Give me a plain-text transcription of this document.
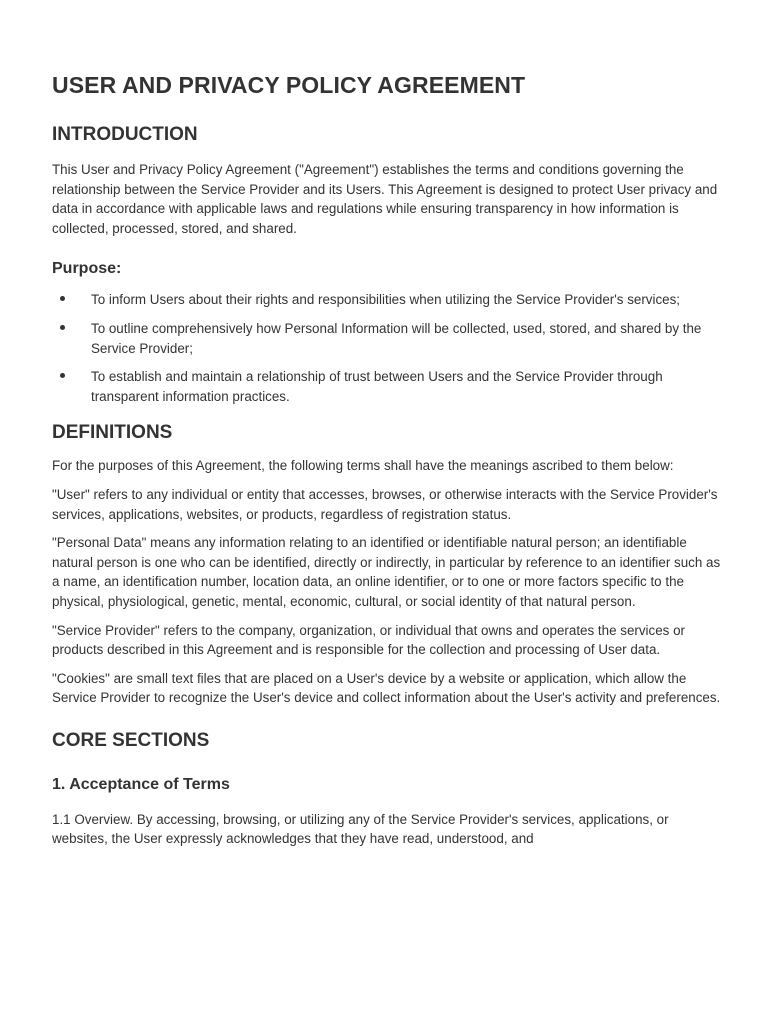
USER AND PRIVACY POLICY AGREEMENT
INTRODUCTION

This User and Privacy Policy Agreement ("Agreement") establishes the terms and conditions governing the relationship between the Service Provider and its Users. This Agreement is designed to protect User privacy and data in accordance with applicable laws and regulations while ensuring transparency in how information is collected, processed, stored, and shared.

Purpose:

To inform Users about their rights and responsibilities when utilizing the Service Provider's services;

To outline comprehensively how Personal Information will be collected, used, stored, and shared by the Service Provider;

To establish and maintain a relationship of trust between Users and the Service Provider through transparent information practices.

DEFINITIONS

For the purposes of this Agreement, the following terms shall have the meanings ascribed to them below:

"User" refers to any individual or entity that accesses, browses, or otherwise interacts with the Service Provider's services, applications, websites, or products, regardless of registration status.

"Personal Data" means any information relating to an identified or identifiable natural person; an identifiable natural person is one who can be identified, directly or indirectly, in particular by reference to an identifier such as a name, an identification number, location data, an online identifier, or to one or more factors specific to the physical, physiological, genetic, mental, economic, cultural, or social identity of that natural person.

"Service Provider" refers to the company, organization, or individual that owns and operates the services or products described in this Agreement and is responsible for the collection and processing of User data.

"Cookies" are small text files that are placed on a User's device by a website or application, which allow the Service Provider to recognize the User's device and collect information about the User's activity and preferences.

CORE SECTIONS
1. Acceptance of Terms

1.1 Overview. By accessing, browsing, or utilizing any of the Service Provider's services, applications, or websites, the User expressly acknowledges that they have read, understood, and
